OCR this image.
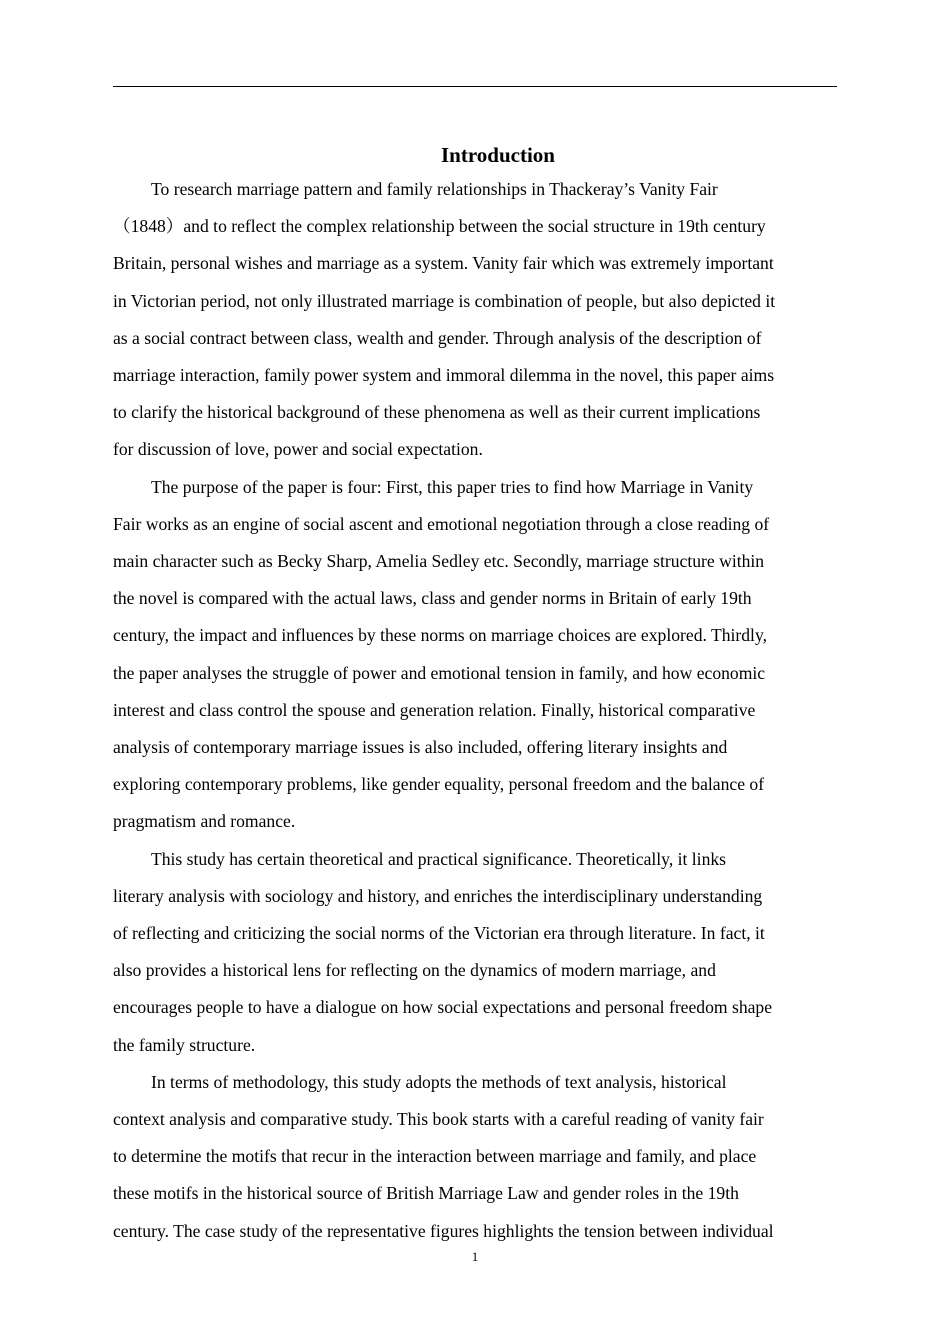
Introduction

To research marriage pattern and family relationships in Thackeray’s Vanity Fair
（1848）and to reflect the complex relationship between the social structure in 19th century
Britain, personal wishes and marriage as a system. Vanity fair which was extremely important
in Victorian period, not only illustrated marriage is combination of people, but also depicted it
as a social contract between class, wealth and gender. Through analysis of the description of
marriage interaction, family power system and immoral dilemma in the novel, this paper aims
to clarify the historical background of these phenomena as well as their current implications
for discussion of love, power and social expectation.

The purpose of the paper is four: First, this paper tries to find how Marriage in Vanity
Fair works as an engine of social ascent and emotional negotiation through a close reading of
main character such as Becky Sharp, Amelia Sedley etc. Secondly, marriage structure within
the novel is compared with the actual laws, class and gender norms in Britain of early 19th
century, the impact and influences by these norms on marriage choices are explored. Thirdly,
the paper analyses the struggle of power and emotional tension in family, and how economic
interest and class control the spouse and generation relation. Finally, historical comparative
analysis of contemporary marriage issues is also included, offering literary insights and
exploring contemporary problems, like gender equality, personal freedom and the balance of
pragmatism and romance.

This study has certain theoretical and practical significance. Theoretically, it links
literary analysis with sociology and history, and enriches the interdisciplinary understanding
of reflecting and criticizing the social norms of the Victorian era through literature. In fact, it
also provides a historical lens for reflecting on the dynamics of modern marriage, and
encourages people to have a dialogue on how social expectations and personal freedom shape
the family structure.

In terms of methodology, this study adopts the methods of text analysis, historical
context analysis and comparative study. This book starts with a careful reading of vanity fair
to determine the motifs that recur in the interaction between marriage and family, and place
these motifs in the historical source of British Marriage Law and gender roles in the 19th
century. The case study of the representative figures highlights the tension between individual

1
